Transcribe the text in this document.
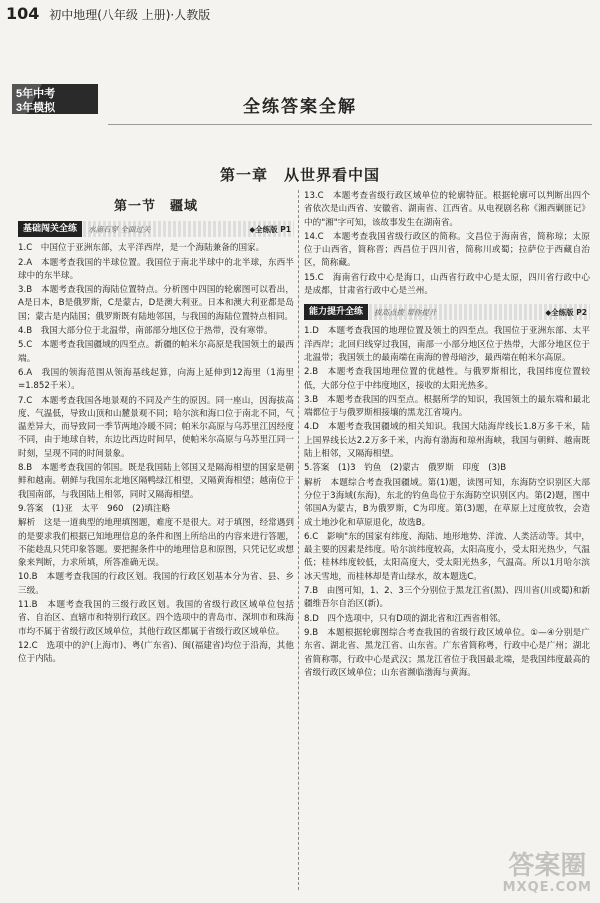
104 初中地理(八年级 上册)·人教版
5年中考
3年模拟	全练答案全解
第一章　从世界看中国
第一节　疆域
基础闯关全练	水滴石穿 全面过关	◆ 全练版 P1

1.C　中国位于亚洲东部，太平洋西岸，是一个海陆兼备的国家。

2.A　本题考查我国的半球位置。我国位于南北半球中的北半球，东西半球中的东半球。

3.B　本题考查我国的海陆位置特点。分析图中四国的轮廓图可以看出，A是日本，B是俄罗斯，C是蒙古，D是澳大利亚。日本和澳大利亚都是岛国；蒙古是内陆国；俄罗斯既有陆地邻国，与我国的海陆位置特点相同。

4.B　我国大部分位于北温带，南部部分地区位于热带，没有寒带。

5.C　本题考查我国疆域的四至点。新疆的帕米尔高原是我国领土的最西端。

6.A　我国的领海范围从领海基线起算，向海上延伸到12海里（1海里=1.852千米）。

7.C　本题考查我国各地景观的不同及产生的原因。同一座山，因海拔高度、气温低，导致山顶和山麓景观不同；哈尔滨和海口位于南北不同，气温差异大，而导致同一季节两地冷暖不同；帕米尔高原与乌苏里江因经度不同，由于地球自转，东边比西边时间早，使帕米尔高原与乌苏里江同一时刻，呈现不同的时间景象。

8.B　本题考查我国的邻国。既是我国陆上邻国又是隔海相望的国家是朝鲜和越南。朝鲜与我国东北地区隔鸭绿江相望，又隔黄海相望；越南位于我国南部，与我国陆上相邻，同时又隔海相望。

9.答案　(1)亚　太平　960　(2)填注略

解析　这是一道典型的地理填图题，难度不是很大。对于填图，经常遇到的是要求我们根据已知地理信息的条件和图上所给出的内容来进行答题，不能趁乱只凭印象答题。要把握条件中的地理信息和原图，只凭记忆或想象来判断，力求所填，所答准确无误。

10.B　本题考查我国的行政区划。我国的行政区划基本分为省、县、乡三级。

11.B　本题考查我国的三级行政区划。我国的省级行政区域单位包括省、自治区、直辖市和特别行政区。四个选项中的青岛市、深圳市和珠海市均不属于省级行政区域单位，其他行政区都属于省级行政区域单位。

12.C　选项中的沪(上海市)、粤(广东省)、闽(福建省)均位于沿海，其他位于内陆。

13.C　本题考查省级行政区域单位的轮廓特征。根据轮廓可以判断出四个省依次是山西省、安徽省、湖南省、江西省。从电视剧名称《湘西剿匪记》中的"湘"字可知，该故事发生在湖南省。

14.C　本题考查我国省级行政区的简称。文昌位于海南省，简称琼；太原位于山西省，简称晋；西昌位于四川省，简称川或蜀；拉萨位于西藏自治区，简称藏。

15.C　海南省行政中心是海口，山西省行政中心是太原，四川省行政中心是成都，甘肃省行政中心是兰州。

能力提升全练	拔高点拨 帮你提升	◆ 全练版 P2

1.D　本题考查我国的地理位置及领土的四至点。我国位于亚洲东部、太平洋西岸；北回归线穿过我国，南部一小部分地区位于热带，大部分地区位于北温带；我国领土的最南端在南海的曾母暗沙，最西端在帕米尔高原。

2.B　本题考查我国地理位置的优越性。与俄罗斯相比，我国纬度位置较低，大部分位于中纬度地区，接收的太阳光热多。

3.B　本题考查我国的四至点。根据所学的知识，我国领土的最东端和最北端都位于与俄罗斯相接壤的黑龙江省境内。

4.D　本题考查我国疆域的相关知识。我国大陆海岸线长1.8万多千米，陆上国界线长达2.2万多千米，内海有渤海和琼州海峡，我国与朝鲜、越南既陆上相邻，又隔海相望。

5.答案　(1)3　钓鱼　(2)蒙古　俄罗斯　印度　(3)B

解析　本题综合考查我国疆域。第(1)题，读图可知，东海防空识别区大部分位于3海域(东海)，东北的钓鱼岛位于东海防空识别区内。第(2)题，图中邻国A为蒙古，B为俄罗斯，C为印度。第(3)题，在草原上过度放牧，会造成土地沙化和草原退化，故选B。

6.C　影响"东的国家有纬度、海陆、地形地势、洋流、人类活动等。其中，最主要的因素是纬度。哈尔滨纬度较高，太阳高度小，受太阳光热少，气温低；桂林纬度较低，太阳高度大，受太阳光热多，气温高。所以1月哈尔滨冰天雪地，而桂林却是青山绿水，故本题选C。

7.B　由图可知，1、2、3三个分别位于黑龙江省(黑)、四川省(川或蜀)和新疆维吾尔自治区(新)。

8.D　四个选项中，只有D项的湖北省和江西省相邻。

9.B　本题根据轮廓图综合考查我国的省级行政区域单位。①—④分别是广东省、湖北省、黑龙江省、山东省。广东省简称粤，行政中心是广州；湖北省简称鄂，行政中心是武汉；黑龙江省位于我国最北端，是我国纬度最高的省级行政区域单位；山东省濒临渤海与黄海。

答案圈
MXQE.COM
